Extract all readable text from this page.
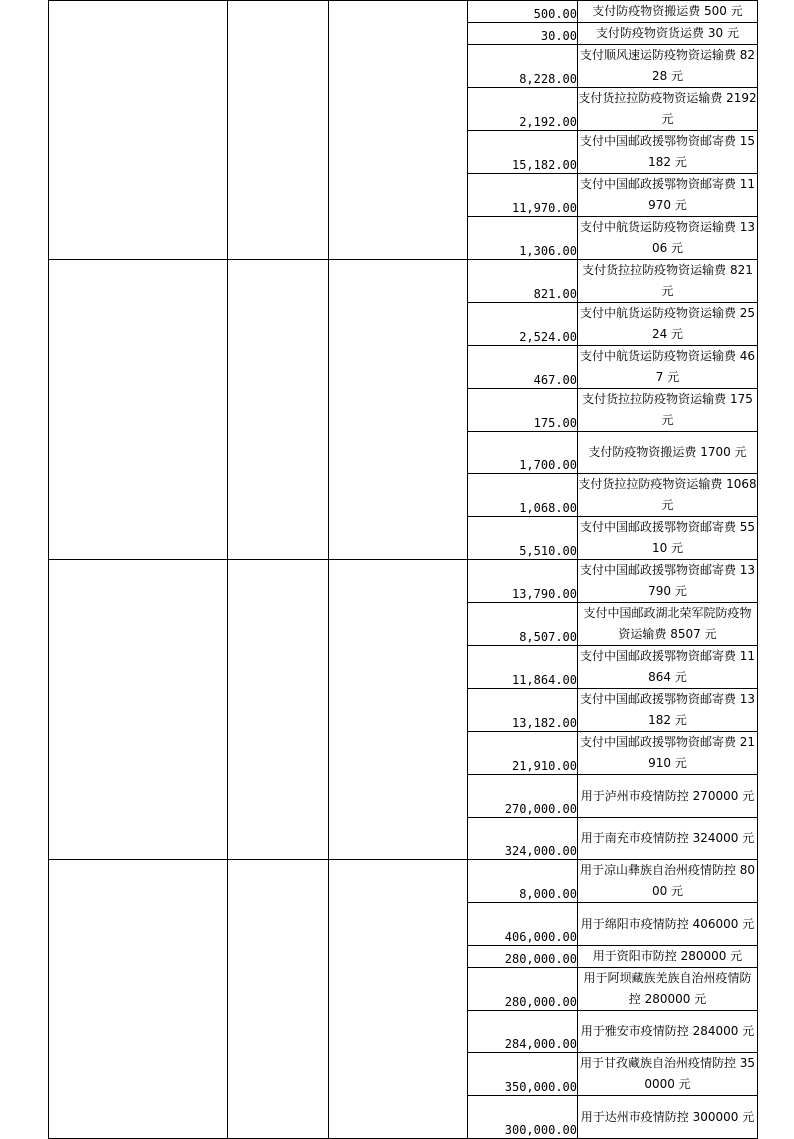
			500.00	支付防疫物资搬运费 500 元
			30.00	支付防疫物资货运费 30 元
			8,228.00	支付顺风速运防疫物资运输费 8228 元
			2,192.00	支付货拉拉防疫物资运输费 2192 元
			15,182.00	支付中国邮政援鄂物资邮寄费 15182 元
			11,970.00	支付中国邮政援鄂物资邮寄费 11970 元
			1,306.00	支付中航货运防疫物资运输费 1306 元
			821.00	支付货拉拉防疫物资运输费 821 元
			2,524.00	支付中航货运防疫物资运输费 2524 元
			467.00	支付中航货运防疫物资运输费 467 元
			175.00	支付货拉拉防疫物资运输费 175 元
			1,700.00	支付防疫物资搬运费 1700 元
			1,068.00	支付货拉拉防疫物资运输费 1068 元
			5,510.00	支付中国邮政援鄂物资邮寄费 5510 元
			13,790.00	支付中国邮政援鄂物资邮寄费 13790 元
			8,507.00	支付中国邮政湖北荣军院防疫物资运输费 8507 元
			11,864.00	支付中国邮政援鄂物资邮寄费 11864 元
			13,182.00	支付中国邮政援鄂物资邮寄费 13182 元
			21,910.00	支付中国邮政援鄂物资邮寄费 21910 元
			270,000.00	用于泸州市疫情防控 270000 元
			324,000.00	用于南充市疫情防控 324000 元
			8,000.00	用于凉山彝族自治州疫情防控 8000 元
			406,000.00	用于绵阳市疫情防控 406000 元
			280,000.00	用于资阳市防控 280000 元
			280,000.00	用于阿坝藏族羌族自治州疫情防控 280000 元
			284,000.00	用于雅安市疫情防控 284000 元
			350,000.00	用于甘孜藏族自治州疫情防控 350000 元
			300,000.00	用于达州市疫情防控 300000 元
